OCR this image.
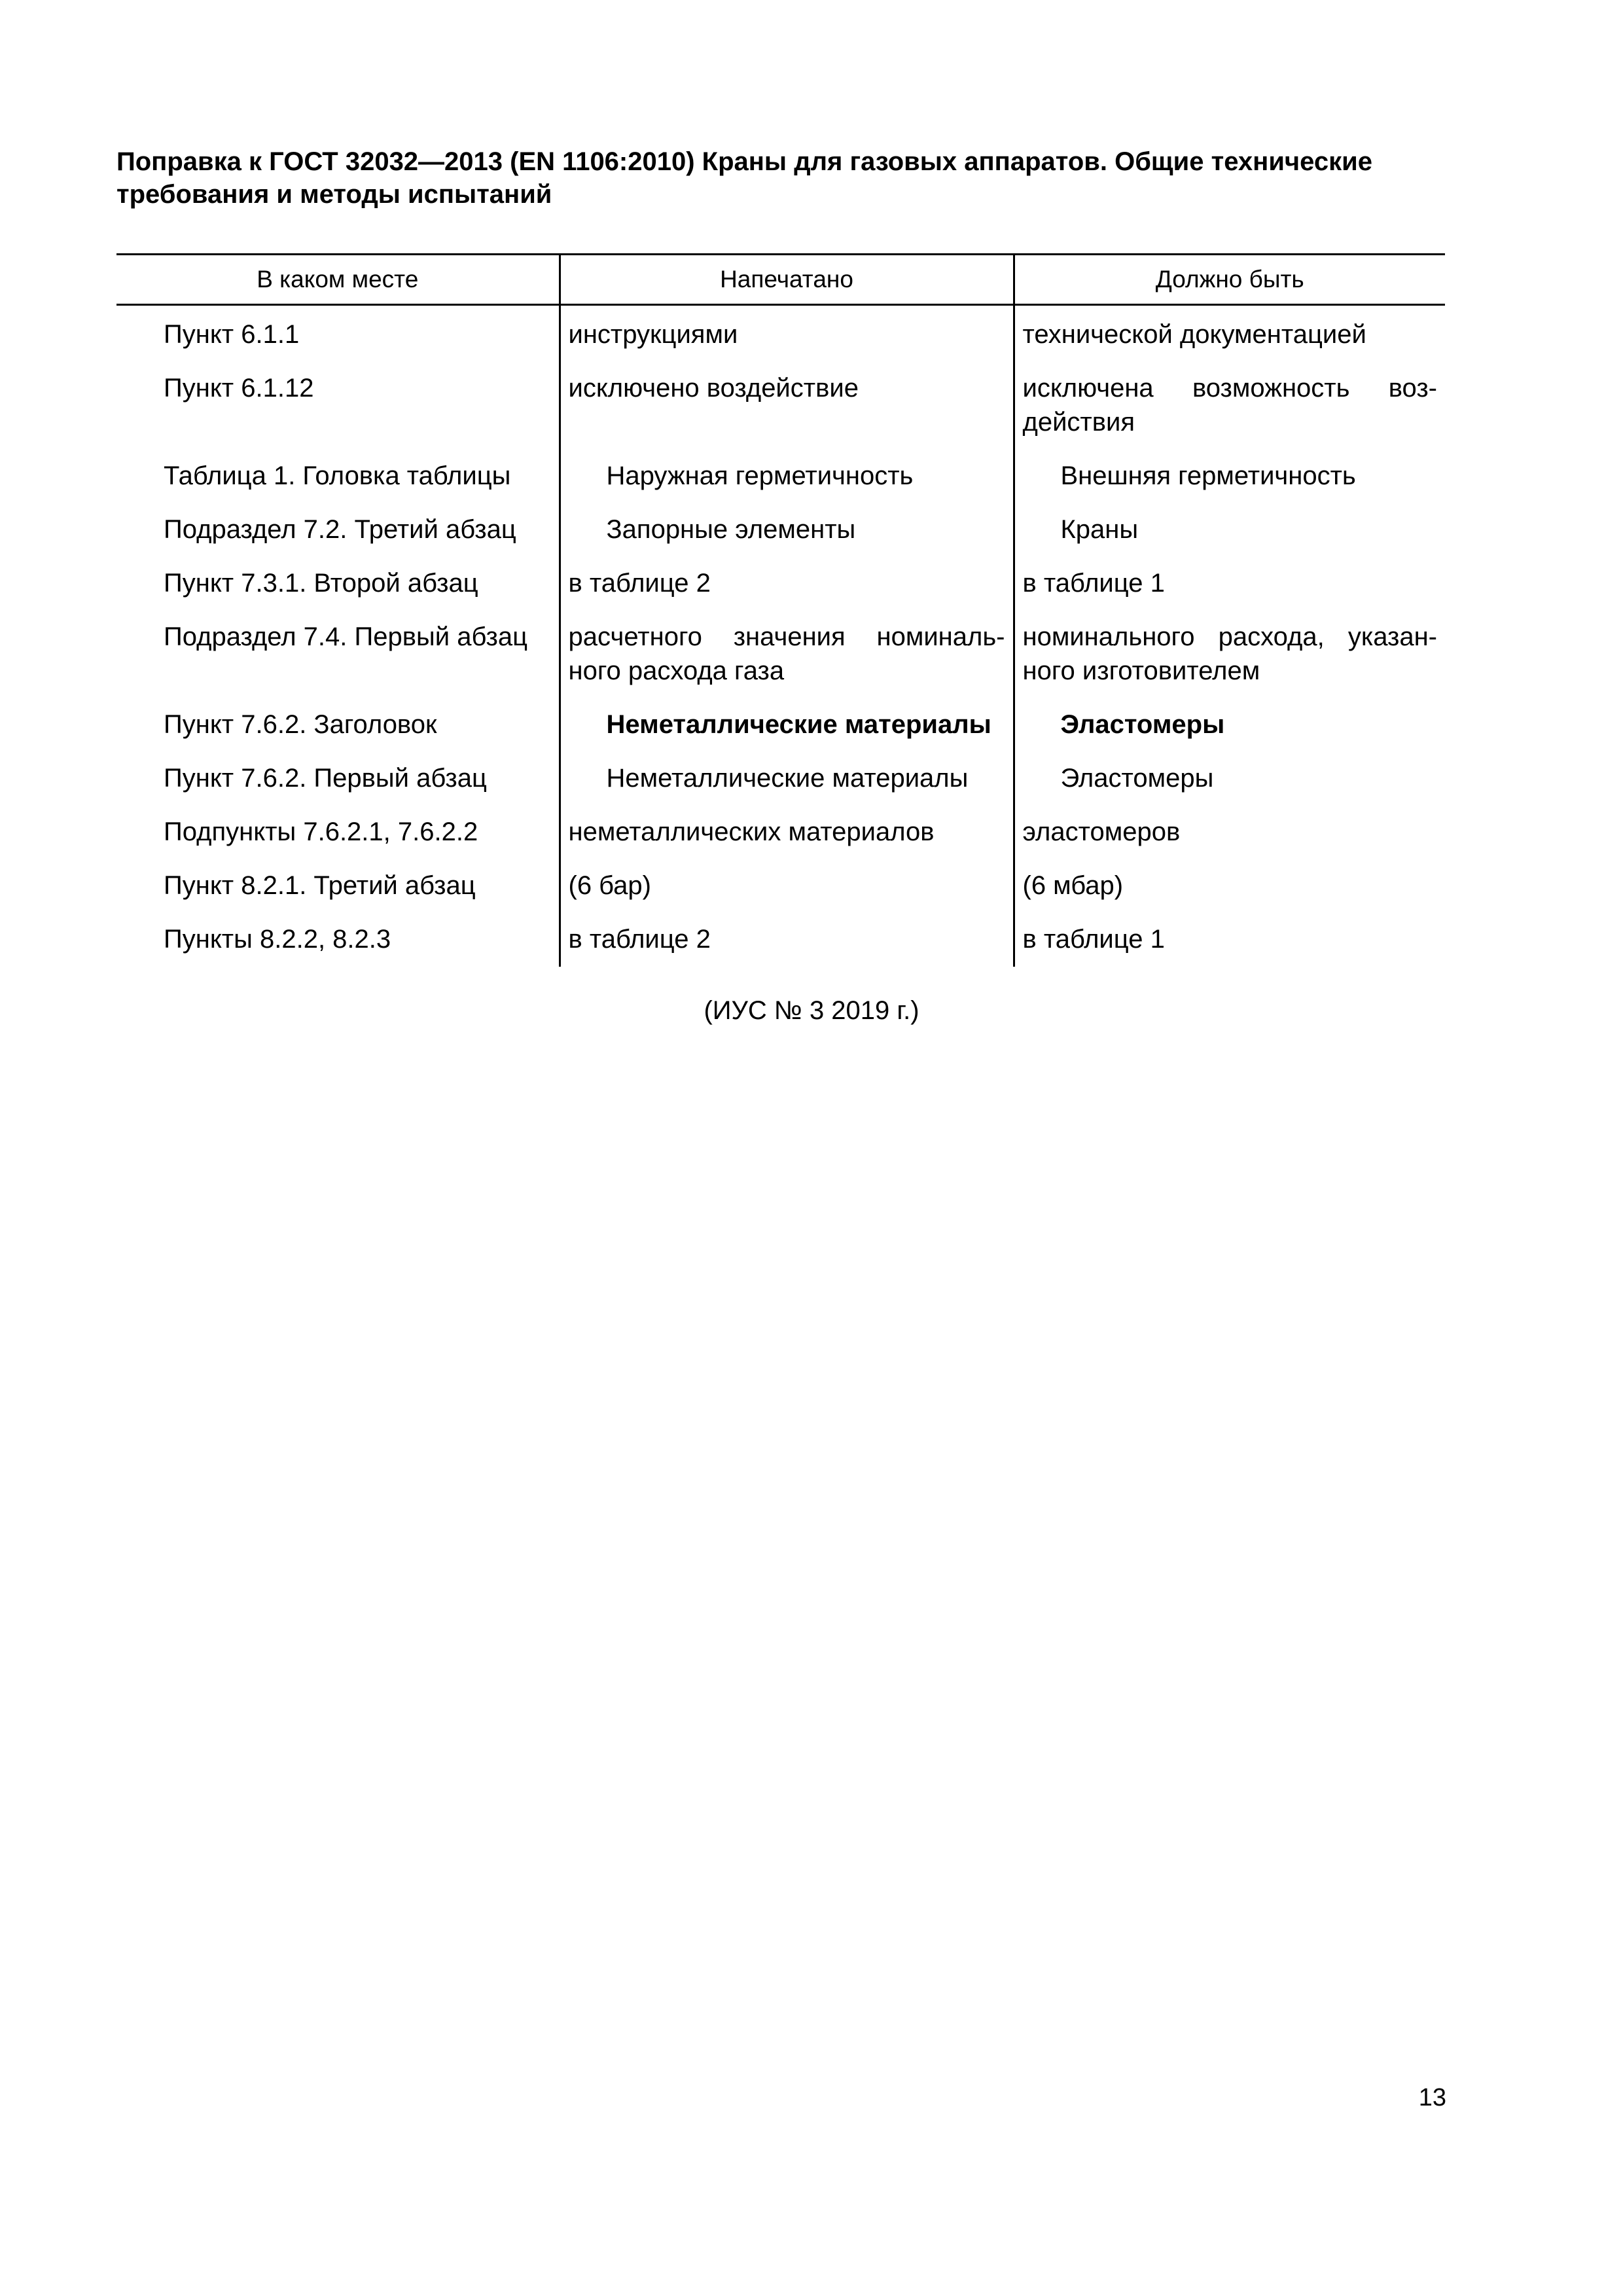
Поправка к ГОСТ 32032—2013 (EN 1106:2010) Краны для газовых аппаратов. Общие технические требования и методы испытаний
В каком месте	Напечатано	Должно быть
Пункт 6.1.1	инструкциями	технической документацией
Пункт 6.1.12	исключено воздействие	исключена возможность воз-действия
Таблица 1. Головка таблицы	Наружная герметичность	Внешняя герметичность
Подраздел 7.2. Третий абзац	Запорные элементы	Краны
Пункт 7.3.1. Второй абзац	в таблице 2	в таблице 1
Подраздел 7.4. Первый абзац	расчетного значения номиналь-ного расхода газа	номинального расхода, указан-ного изготовителем
Пункт 7.6.2. Заголовок	Неметаллические материалы	Эластомеры
Пункт 7.6.2. Первый абзац	Неметаллические материалы	Эластомеры
Подпункты 7.6.2.1, 7.6.2.2	неметаллических материалов	эластомеров
Пункт 8.2.1. Третий абзац	(6 бар)	(6 мбар)
Пункты 8.2.2, 8.2.3	в таблице 2	в таблице 1
(ИУС № 3 2019 г.)
13
